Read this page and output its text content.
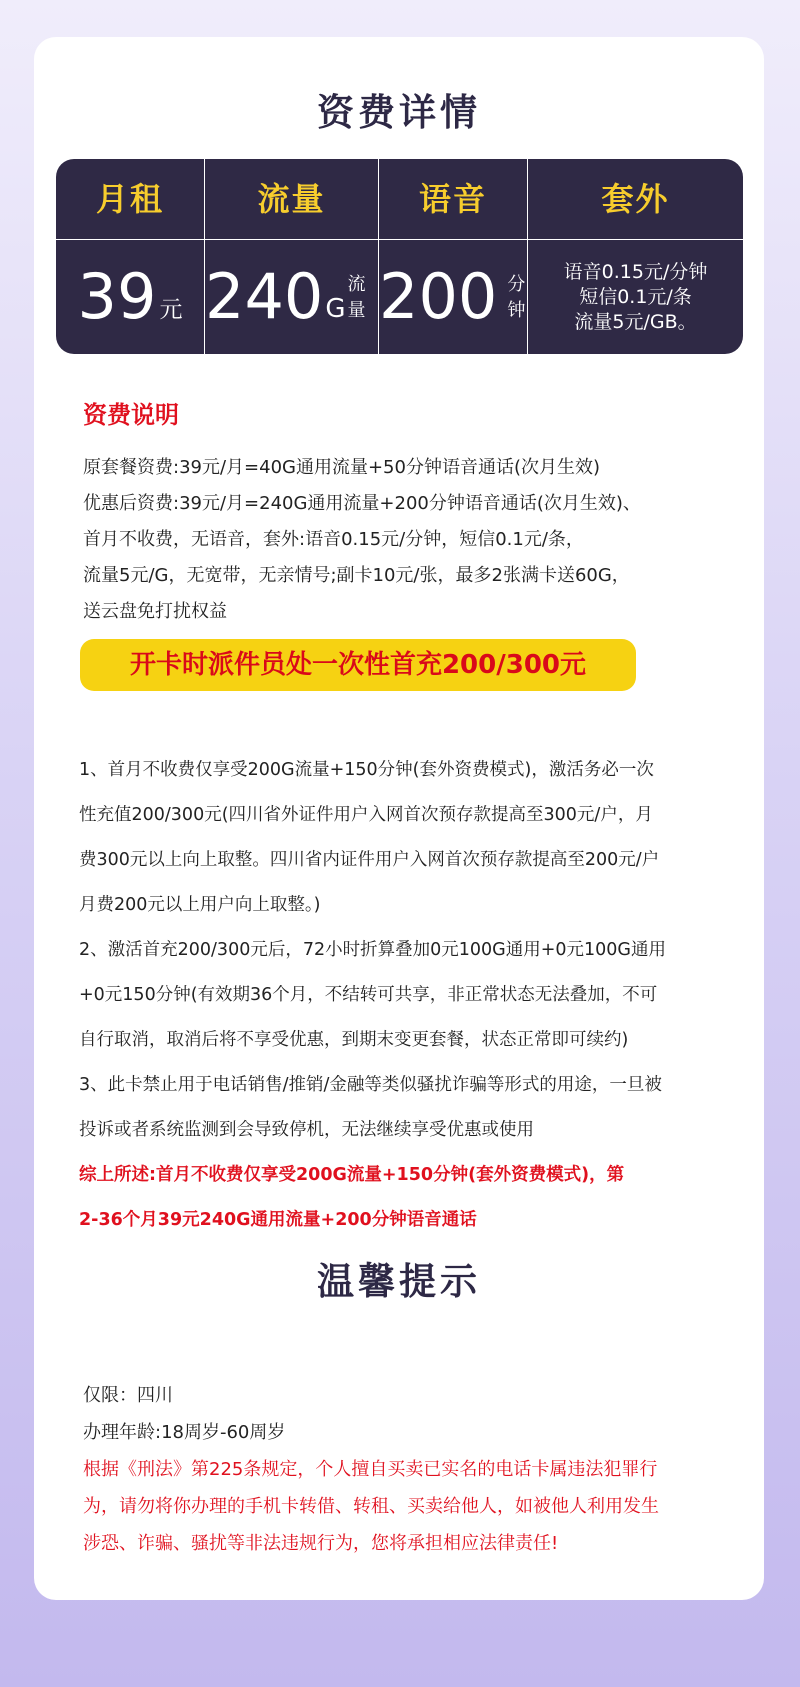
资费详情
月租
39 元
流量
240 G
流量
语音
200 分钟
套外
语音0.15元/分钟
短信0.1元/条
流量5元/GB。
资费说明
原套餐资费:39元/月=40G通用流量+50分钟语音通话(次月生效)
优惠后资费:39元/月=240G通用流量+200分钟语音通话(次月生效)、
首月不收费，无语音，套外:语音0.15元/分钟，短信0.1元/条，
流量5元/G，无宽带，无亲情号;副卡10元/张，最多2张满卡送60G，
送云盘免打扰权益
开卡时派件员处一次性首充200/300元
1、首月不收费仅享受200G流量+150分钟(套外资费模式)，激活务必一次
性充值200/300元(四川省外证件用户入网首次预存款提高至300元/户，月
费300元以上向上取整。四川省内证件用户入网首次预存款提高至200元/户
月费200元以上用户向上取整。)
2、激活首充200/300元后，72小时折算叠加0元100G通用+0元100G通用
+0元150分钟(有效期36个月，不结转可共享，非正常状态无法叠加，不可
自行取消，取消后将不享受优惠，到期末变更套餐，状态正常即可续约)
3、此卡禁止用于电话销售/推销/金融等类似骚扰诈骗等形式的用途，一旦被
投诉或者系统监测到会导致停机，无法继续享受优惠或使用
综上所述:首月不收费仅享受200G流量+150分钟(套外资费模式)，第
2-36个月39元240G通用流量+200分钟语音通话
温馨提示
仅限：四川
办理年龄:18周岁-60周岁
根据《刑法》第225条规定，个人擅自买卖已实名的电话卡属违法犯罪行
为，请勿将你办理的手机卡转借、转租、买卖给他人，如被他人利用发生
涉恐、诈骗、骚扰等非法违规行为，您将承担相应法律责任!
